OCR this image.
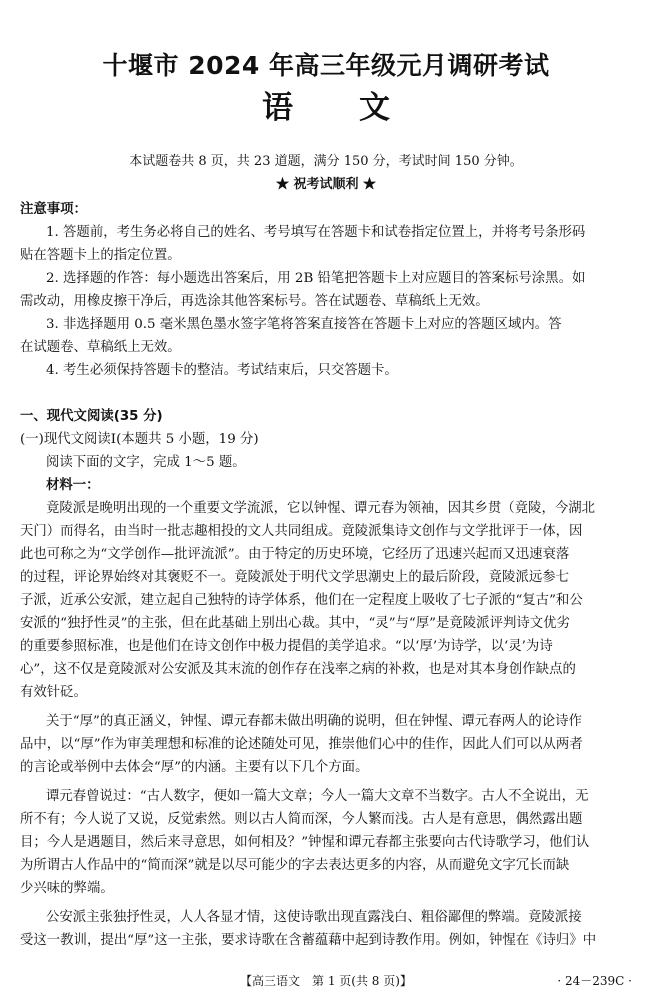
十堰市 2024 年高三年级元月调研考试
语文
本试题卷共 8 页，共 23 道题，满分 150 分，考试时间 150 分钟。
★ 祝考试顺利 ★
注意事项：
1. 答题前，考生务必将自己的姓名、考号填写在答题卡和试卷指定位置上，并将考号条形码
贴在答题卡上的指定位置。
2. 选择题的作答：每小题选出答案后，用 2B 铅笔把答题卡上对应题目的答案标号涂黑。如
需改动，用橡皮擦干净后，再选涂其他答案标号。答在试题卷、草稿纸上无效。
3. 非选择题用 0.5 毫米黑色墨水签字笔将答案直接答在答题卡上对应的答题区域内。答
在试题卷、草稿纸上无效。
4. 考生必须保持答题卡的整洁。考试结束后，只交答题卡。
一、现代文阅读(35 分)
(一)现代文阅读Ⅰ(本题共 5 小题，19 分)
阅读下面的文字，完成 1～5 题。
材料一：
竟陵派是晚明出现的一个重要文学流派，它以钟惺、谭元春为领袖，因其乡贯（竟陵，今湖北
天门）而得名，由当时一批志趣相投的文人共同组成。竟陵派集诗文创作与文学批评于一体，因
此也可称之为“文学创作—批评流派”。由于特定的历史环境，它经历了迅速兴起而又迅速衰落
的过程，评论界始终对其褒贬不一。竟陵派处于明代文学思潮史上的最后阶段，竟陵派远参七
子派，近承公安派，建立起自己独特的诗学体系，他们在一定程度上吸收了七子派的“复古”和公
安派的“独抒性灵”的主张，但在此基础上别出心裁。其中，“灵”与“厚”是竟陵派评判诗文优劣
的重要参照标准，也是他们在诗文创作中极力提倡的美学追求。“以‘厚’为诗学，以‘灵’为诗
心”，这不仅是竟陵派对公安派及其末流的创作存在浅率之病的补救，也是对其本身创作缺点的
有效针砭。
关于“厚”的真正涵义，钟惺、谭元春都未做出明确的说明，但在钟惺、谭元春两人的论诗作
品中，以“厚”作为审美理想和标准的论述随处可见，推崇他们心中的佳作，因此人们可以从两者
的言论或举例中去体会“厚”的内涵。主要有以下几个方面。
谭元春曾说过：“古人数字，便如一篇大文章；今人一篇大文章不当数字。古人不全说出，无
所不有；今人说了又说，反觉索然。则以古人简而深，今人繁而浅。古人是有意思，偶然露出题
目；今人是遇题目，然后来寻意思，如何相及？”钟惺和谭元春都主张要向古代诗歌学习，他们认
为所谓古人作品中的“简而深”就是以尽可能少的字去表达更多的内容，从而避免文字冗长而缺
少兴味的弊端。
公安派主张独抒性灵，人人各显才情，这使诗歌出现直露浅白、粗俗鄙俚的弊端。竟陵派接
受这一教训，提出“厚”这一主张，要求诗歌在含蓄蕴藉中起到诗教作用。例如，钟惺在《诗归》中
【高三语文　第 1 页(共 8 页)】	· 24－239C ·
